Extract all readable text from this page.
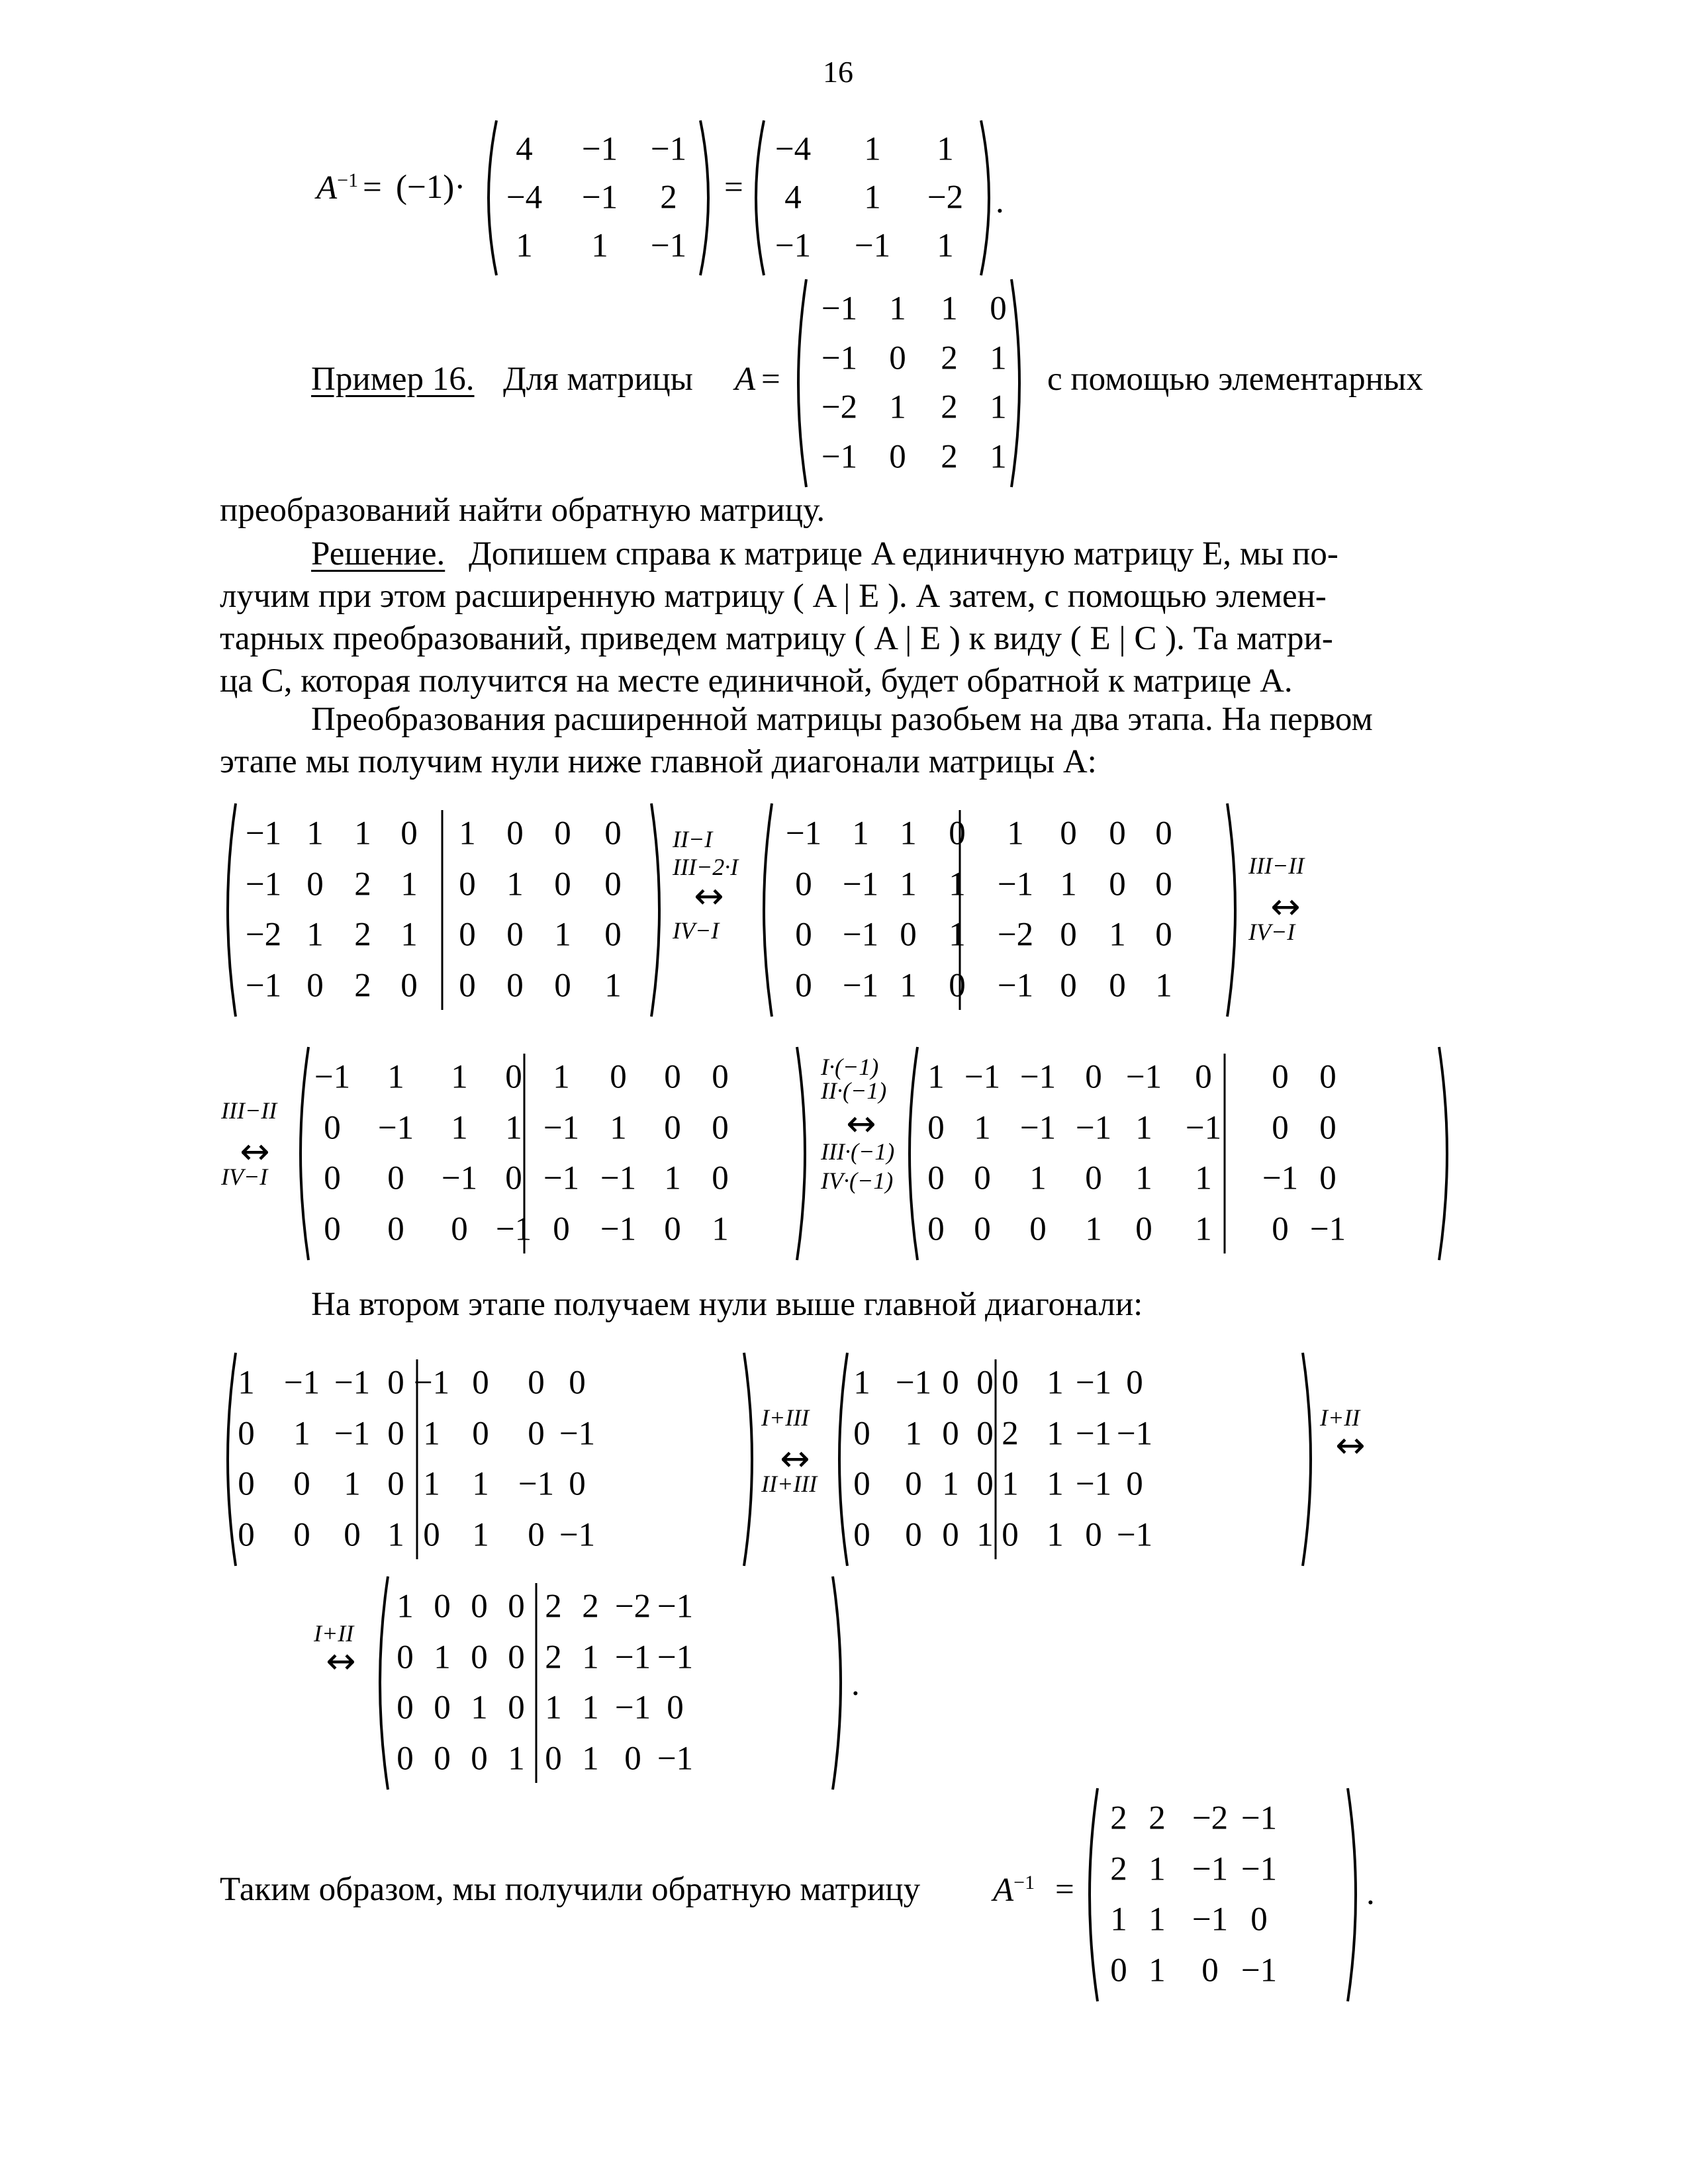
16
$A^{-1} = (-1)\cdot$
4 −1 −1
−4 −1 2
1 1 −1
=
−4 1 1
4 1 −2
−1 −1 1
.
Пример 16. Для матрицы A =
−1 1 1 0
−1 0 2 1
−2 1 2 1
−1 0 2 1
с помощью элементарных
преобразований найти обратную матрицу.
Решение. Допишем справа к матрице A единичную матрицу E, мы по-
лучим при этом расширенную матрицу ( A | E ). А затем, с помощью элемен-
тарных преобразований, приведем матрицу ( A | E ) к виду ( E | C ). Та матри-
ца C, которая получится на месте единичной, будет обратной к матрице A.
Преобразования расширенной матрицы разобьем на два этапа. На первом
этапе мы получим нули ниже главной диагонали матрицы A:
−1 1 1 0 1 0 0 0
−1 0 2 1 0 1 0 0
−2 1 2 1 0 0 1 0
−1 0 2 0 0 0 0 1
II−I
III−2·I
↔
IV−I
−1 1 1 0 1 0 0 0
0 −1 1 1 −1 1 0 0
0 −1 0 1 −2 0 1 0
0 −1 1 0 −1 0 0 1
III−II
↔
IV−I
III−II
↔
IV−I
−1 1 1 0 1 0 0 0
0 −1 1 1 −1 1 0 0
0 0 −1 0 −1 −1 1 0
0 0 0 −1 0 −1 0 1
I·(−1)
II·(−1)
↔
III·(−1)
IV·(−1)
1 −1 −1 0 −1 0 0 0
0 1 −1 −1 1 −1 0 0
0 0 1 0 1 1 −1 0
0 0 0 1 0 1 0 −1
На втором этапе получаем нули выше главной диагонали:
1 −1 −1 0 −1 0 0 0
0 1 −1 0 1 0 0 −1
0 0 1 0 1 1 −1 0
0 0 0 1 0 1 0 −1
I+III
↔
II+III
1 −1 0 0 0 1 −1 0
0 1 0 0 2 1 −1 −1
0 0 1 0 1 1 −1 0
0 0 0 1 0 1 0 −1
I+II
↔
I+II
↔
1 0 0 0 2 2 −2 −1
0 1 0 0 2 1 −1 −1
0 0 1 0 1 1 −1 0
0 0 0 1 0 1 0 −1
.
Таким образом, мы получили обратную матрицу $A^{-1}$ =
2 2 −2 −1
2 1 −1 −1
1 1 −1 0
0 1 0 −1
.
